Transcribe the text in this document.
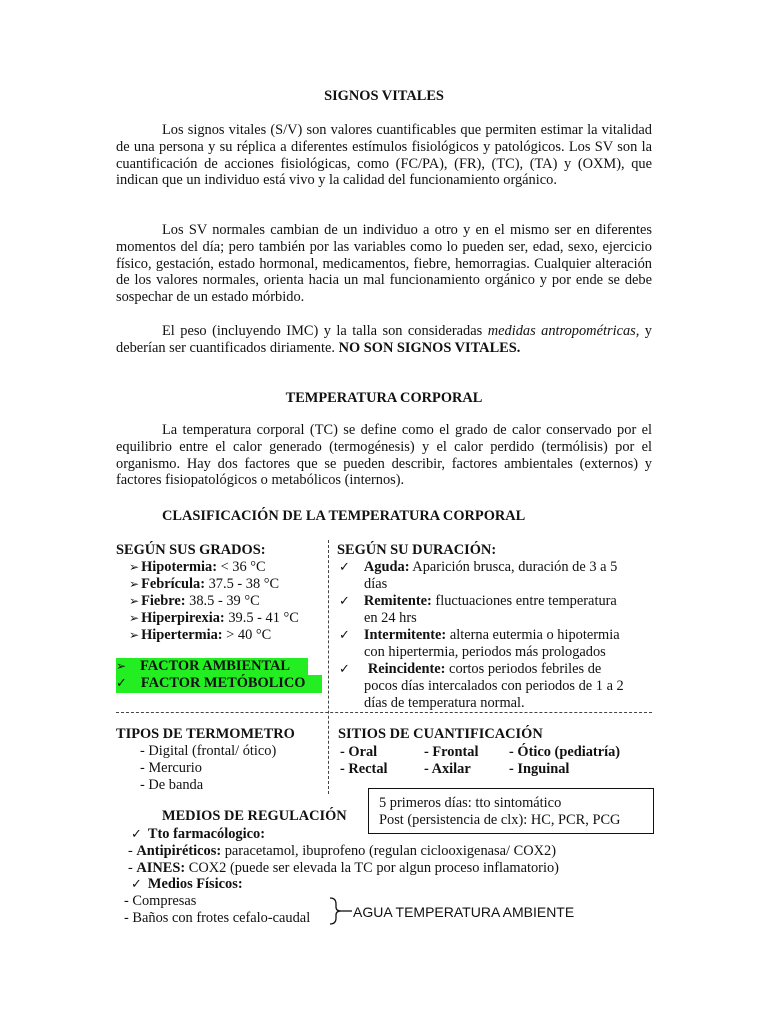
SIGNOS VITALES

Los signos vitales (S/V) son valores cuantificables que permiten estimar la vitalidad de una persona y su réplica a diferentes estímulos fisiológicos y patológicos. Los SV son la cuantificación de acciones fisiológicas, como (FC/PA), (FR), (TC), (TA) y (OXM), que indican que un individuo está vivo y la calidad del funcionamiento orgánico.

Los SV normales cambian de un individuo a otro y en el mismo ser en diferentes momentos del día; pero también por las variables como lo pueden ser, edad, sexo, ejercicio físico, gestación, estado hormonal, medicamentos, fiebre, hemorragias. Cualquier alteración de los valores normales, orienta hacia un mal funcionamiento orgánico y por ende se debe sospechar de un estado mórbido.

El peso (incluyendo IMC) y la talla son consideradas medidas antropométricas, y deberían ser cuantificados diriamente. NO SON SIGNOS VITALES.

TEMPERATURA CORPORAL

La temperatura corporal (TC) se define como el grado de calor conservado por el equilibrio entre el calor generado (termogénesis) y el calor perdido (termólisis) por el organismo. Hay dos factores que se pueden describir, factores ambientales (externos) y factores fisiopatológicos o metabólicos (internos).

CLASIFICACIÓN DE LA TEMPERATURA CORPORAL
SEGÚN SUS GRADOS:
➢ Hipotermia: < 36 °C
➢ Febrícula: 37.5 - 38 °C
➢ Fiebre: 38.5 - 39 °C
➢ Hiperpirexia: 39.5 - 41 °C
➢ Hipertermia: > 40 °C
➢ FACTOR AMBIENTAL
✓ FACTOR METÓBOLICO
SEGÚN SU DURACIÓN:
✓ Aguda: Aparición brusca, duración de 3 a 5
días
✓ Remitente: fluctuaciones entre temperatura
en 24 hrs
✓ Intermitente: alterna eutermia o hipotermia
con hipertermia, periodos más prologados
✓ Reincidente: cortos periodos febriles de
pocos días intercalados con periodos de 1 a 2
días de temperatura normal.
TIPOS DE TERMOMETRO
- Digital (frontal/ ótico)
- Mercurio
- De banda
SITIOS DE CUANTIFICACIÓN
- Oral	- Frontal - Ótico (pediatría)
- Rectal	- Axilar	- Inguinal
MEDIOS DE REGULACIÓN
5 primeros días: tto sintomático
Post (persistencia de clx): HC, PCR, PCG
✓ Tto farmacólogico:
- Antipiréticos: paracetamol, ibuprofeno (regulan ciclooxigenasa/ COX2)
- AINES: COX2 (puede ser elevada la TC por algun proceso inflamatorio)
✓ Medios Físicos:
- Compresas
- Baños con frotes cefalo-caudal	AGUA TEMPERATURA AMBIENTE
